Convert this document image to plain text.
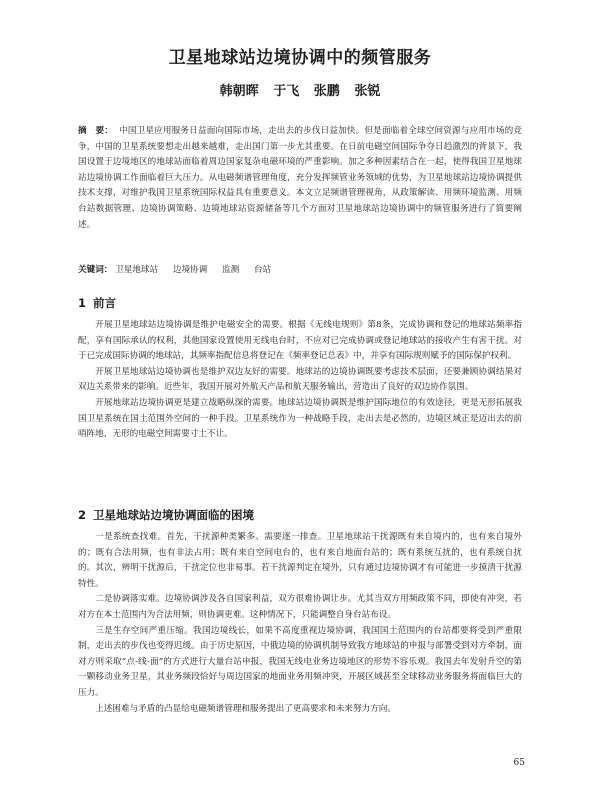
卫星地球站边境协调中的频管服务
韩朝晖 于飞 张鹏 张锐
摘　要： 中国卫星应用服务日益面向国际市场，走出去的步伐日益加快。但是面临着全球空间资源与应用市场的竞争，中国的卫星系统要想走出越来越难，走出国门第一步尤其重要。在日前电磁空间国际争夺日趋激烈的背景下，我国设置于边境地区的地球站面临着周边国家复杂电磁环境的严重影响。加之多种因素结合在一起，使得我国卫星地球站边境协调工作面临着巨大压力。从电磁频谱管理角度，充分发挥频管业务领域的优势，为卫星地球站边境协调提供技术支撑，对维护我国卫星系统国际权益具有重要意义。本文立足频谱管理视角，从政策解读、用频环境监测、用频台站数据管理、边境协调策略、边境地球站资源储备等几个方面对卫星地球站边境协调中的频管服务进行了简要阐述。
关键词： 卫星地球站 边境协调 监测 台站
1 前言

开展卫星地球站边境协调是维护电磁安全的需要。根据《无线电规则》第8条，完成协调和登记的地球站频率指配，享有国际承认的权利，其他国家设置使用无线电台时，不应对已完成协调或登记地球站的接收产生有害干扰。对于已完成国际协调的地球站，其频率指配信息将登记在《频率登记总表》中，并享有国际规则赋予的国际保护权利。

开展卫星地球站边境协调也是维护双边友好的需要。地球站的边境协调既要考虑技术层面，还要兼顾协调结果对双边关系带来的影响。近些年，我国开展对外航天产品和航天服务输出，营造出了良好的双边协作氛围。

开展地球站边境协调更是建立战略纵深的需要。地球站边境协调既是维护国际地位的有效途径，更是无形拓展我国卫星系统在国土范围外空间的一种手段。卫星系统作为一种战略手段，走出去是必然的，边境区域正是迈出去的前哨阵地，无形的电磁空间需要寸土不让。

2 卫星地球站边境协调面临的困境

一是系统查找难。首先，干扰源种类繁多、需要逐一排查。卫星地球站干扰源既有来自境内的，也有来自境外的；既有合法用频，也有非法占用；既有来自空间电台的，也有来自地面台站的；既有系统互扰的，也有系统自扰的。其次，辨明干扰源后，干扰定位也非易事。若干扰源判定在境外，只有通过边境协调才有可能进一步摸清干扰源特性。

二是协调落实难。边境协调涉及各自国家利益，双方很难协调让步。尤其当双方用频政策不同，即使有冲突，若对方在本土范围内为合法用频，则协调更难。这种情况下，只能调整自身台站布设。

三是生存空间严重压缩。我国边境线长，如果不高度重视边境协调，我国国土范围内的台站都要将受到严重限制，走出去的步伐也变得迟缓。由于历史原因，中俄边境的协调机制导致我方地球站的申报与部署受到对方牵制，面对方则采取“点-线-面”的方式进行大量台站申报，我国无线电业务边境地区的形势不容乐观。我国去年发射升空的第一颗移动业务卫星，其业务频段恰好与周边国家的地面业务用频冲突，开展区域甚至全球移动业务服务将面临巨大的压力。

上述困难与矛盾的凸显给电磁频谱管理和服务提出了更高要求和未来努力方向。

65
